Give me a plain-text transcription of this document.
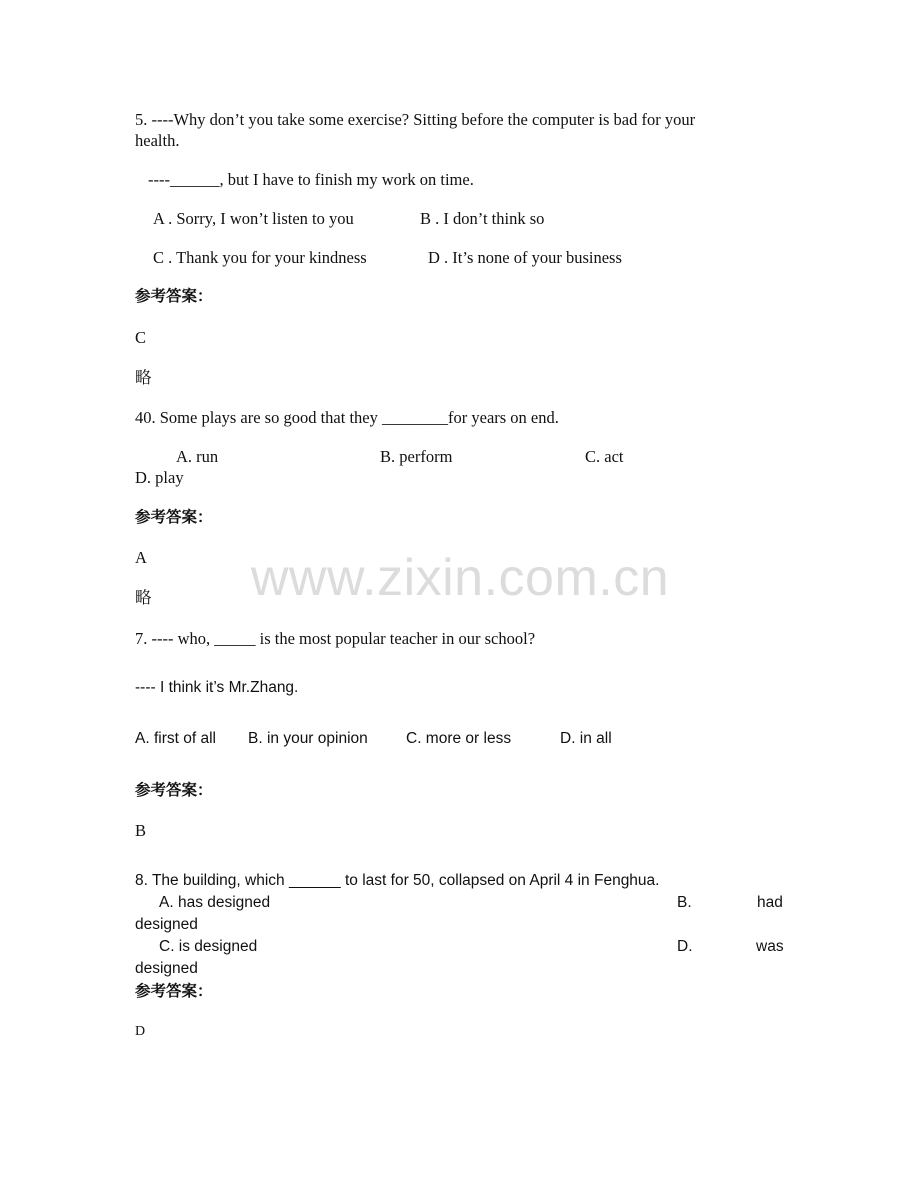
www.zixin.com.cn
5. ----Why don’t you take some exercise? Sitting before the computer is bad for your
health.
----______, but I have to finish my work on time.
A . Sorry, I won’t listen to you	B . I don’t think so
C . Thank you for your kindness	D . It’s none of your business
参考答案：
C
略
40. Some plays are so good that they ________for years on end.
A. run	B. perform	C. act
D. play
参考答案：
A
略
7. ---- who, _____ is the most popular teacher in our school?
---- I think it’s Mr.Zhang.
A. first of all B. in your opinion C. more or less	D. in all
参考答案：
B
8. The building, which ______ to last for 50, collapsed on April 4 in Fenghua.
A. has designed	B.	had
designed
C. is designed	D.	was
designed
参考答案：
D
